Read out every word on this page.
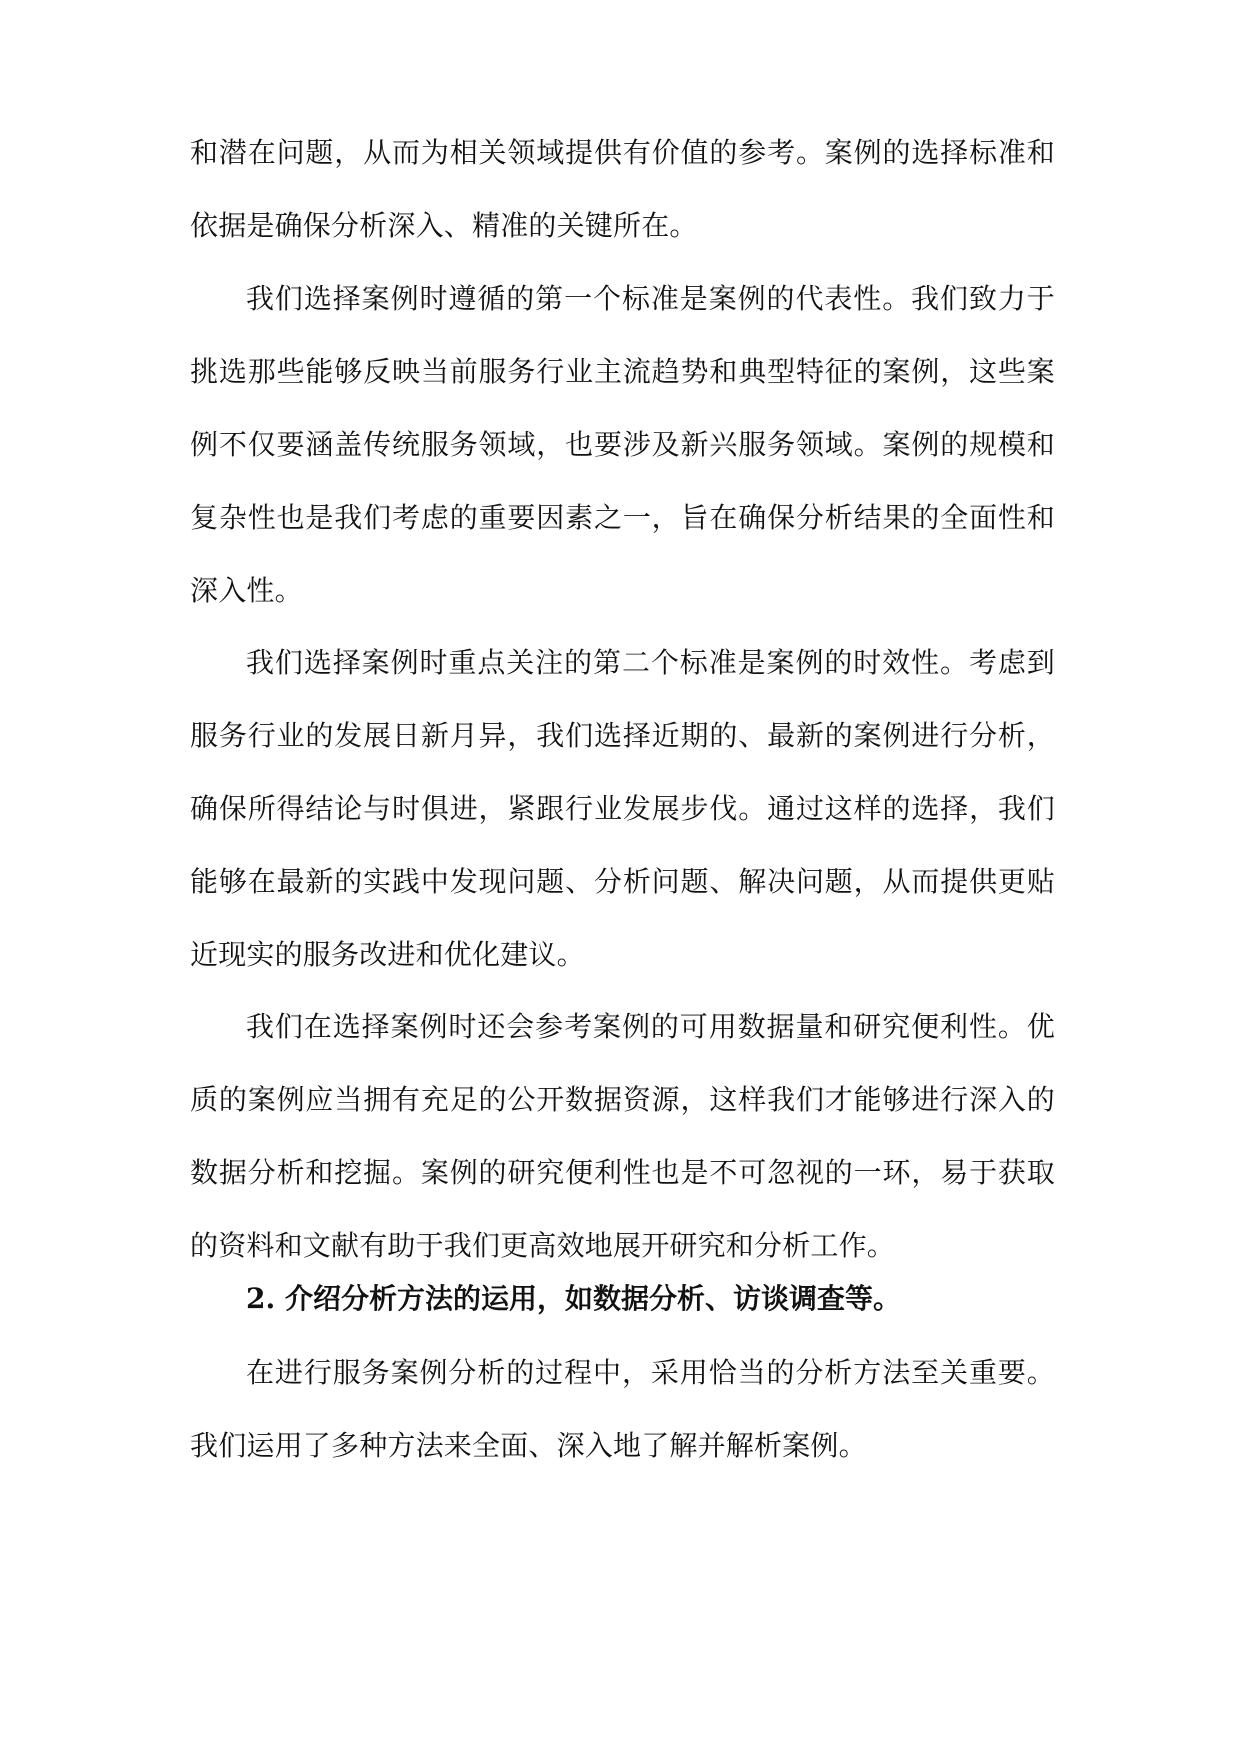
和潜在问题，从而为相关领域提供有价值的参考。案例的选择标准和依据是确保分析深入、精准的关键所在。

我们选择案例时遵循的第一个标准是案例的代表性。我们致力于挑选那些能够反映当前服务行业主流趋势和典型特征的案例，这些案例不仅要涵盖传统服务领域，也要涉及新兴服务领域。案例的规模和复杂性也是我们考虑的重要因素之一，旨在确保分析结果的全面性和深入性。

我们选择案例时重点关注的第二个标准是案例的时效性。考虑到服务行业的发展日新月异，我们选择近期的、最新的案例进行分析，确保所得结论与时俱进，紧跟行业发展步伐。通过这样的选择，我们能够在最新的实践中发现问题、分析问题、解决问题，从而提供更贴近现实的服务改进和优化建议。

我们在选择案例时还会参考案例的可用数据量和研究便利性。优质的案例应当拥有充足的公开数据资源，这样我们才能够进行深入的数据分析和挖掘。案例的研究便利性也是不可忽视的一环，易于获取的资料和文献有助于我们更高效地展开研究和分析工作。

2. 介绍分析方法的运用，如数据分析、访谈调查等。

在进行服务案例分析的过程中，采用恰当的分析方法至关重要。我们运用了多种方法来全面、深入地了解并解析案例。
